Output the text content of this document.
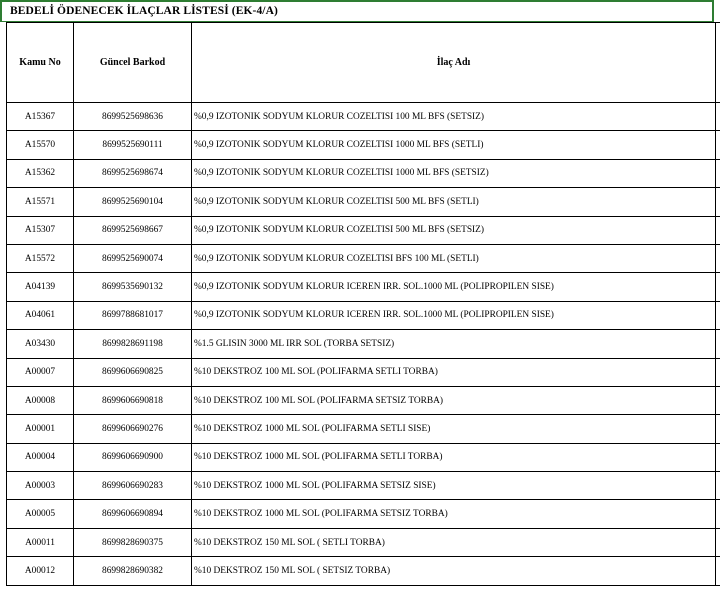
BEDELİ ÖDENECEK İLAÇLAR LİSTESİ (EK-4/A)
Kamu No	Güncel Barkod	İlaç Adı	
A15367	8699525698636	%0,9 IZOTONIK SODYUM KLORUR COZELTISI 100 ML BFS (SETSIZ)	
A15570	8699525690111	%0,9 IZOTONIK SODYUM KLORUR COZELTISI 1000 ML BFS (SETLI)	
A15362	8699525698674	%0,9 IZOTONIK SODYUM KLORUR COZELTISI 1000 ML BFS (SETSIZ)	
A15571	8699525690104	%0,9 IZOTONIK SODYUM KLORUR COZELTISI 500 ML BFS (SETLI)	
A15307	8699525698667	%0,9 IZOTONIK SODYUM KLORUR COZELTISI 500 ML BFS (SETSIZ)	
A15572	8699525690074	%0,9 IZOTONIK SODYUM KLORUR COZELTISI BFS 100 ML (SETLI)	
A04139	8699535690132	%0,9 IZOTONIK SODYUM KLORUR ICEREN IRR. SOL.1000 ML (POLIPROPILEN SISE)	
A04061	8699788681017	%0,9 IZOTONIK SODYUM KLORUR ICEREN IRR. SOL.1000 ML (POLIPROPILEN SISE)	
A03430	8699828691198	%1.5 GLISIN 3000 ML IRR SOL (TORBA SETSIZ)	
A00007	8699606690825	%10 DEKSTROZ 100 ML SOL (POLIFARMA SETLI TORBA)	
A00008	8699606690818	%10 DEKSTROZ 100 ML SOL (POLIFARMA SETSIZ TORBA)	
A00001	8699606690276	%10 DEKSTROZ 1000 ML SOL (POLIFARMA SETLI SISE)	
A00004	8699606690900	%10 DEKSTROZ 1000 ML SOL (POLIFARMA SETLI TORBA)	
A00003	8699606690283	%10 DEKSTROZ 1000 ML SOL (POLIFARMA SETSIZ SISE)	
A00005	8699606690894	%10 DEKSTROZ 1000 ML SOL (POLIFARMA SETSIZ TORBA)	
A00011	8699828690375	%10 DEKSTROZ 150 ML SOL ( SETLI TORBA)	
A00012	8699828690382	%10 DEKSTROZ 150 ML SOL ( SETSIZ TORBA)	
